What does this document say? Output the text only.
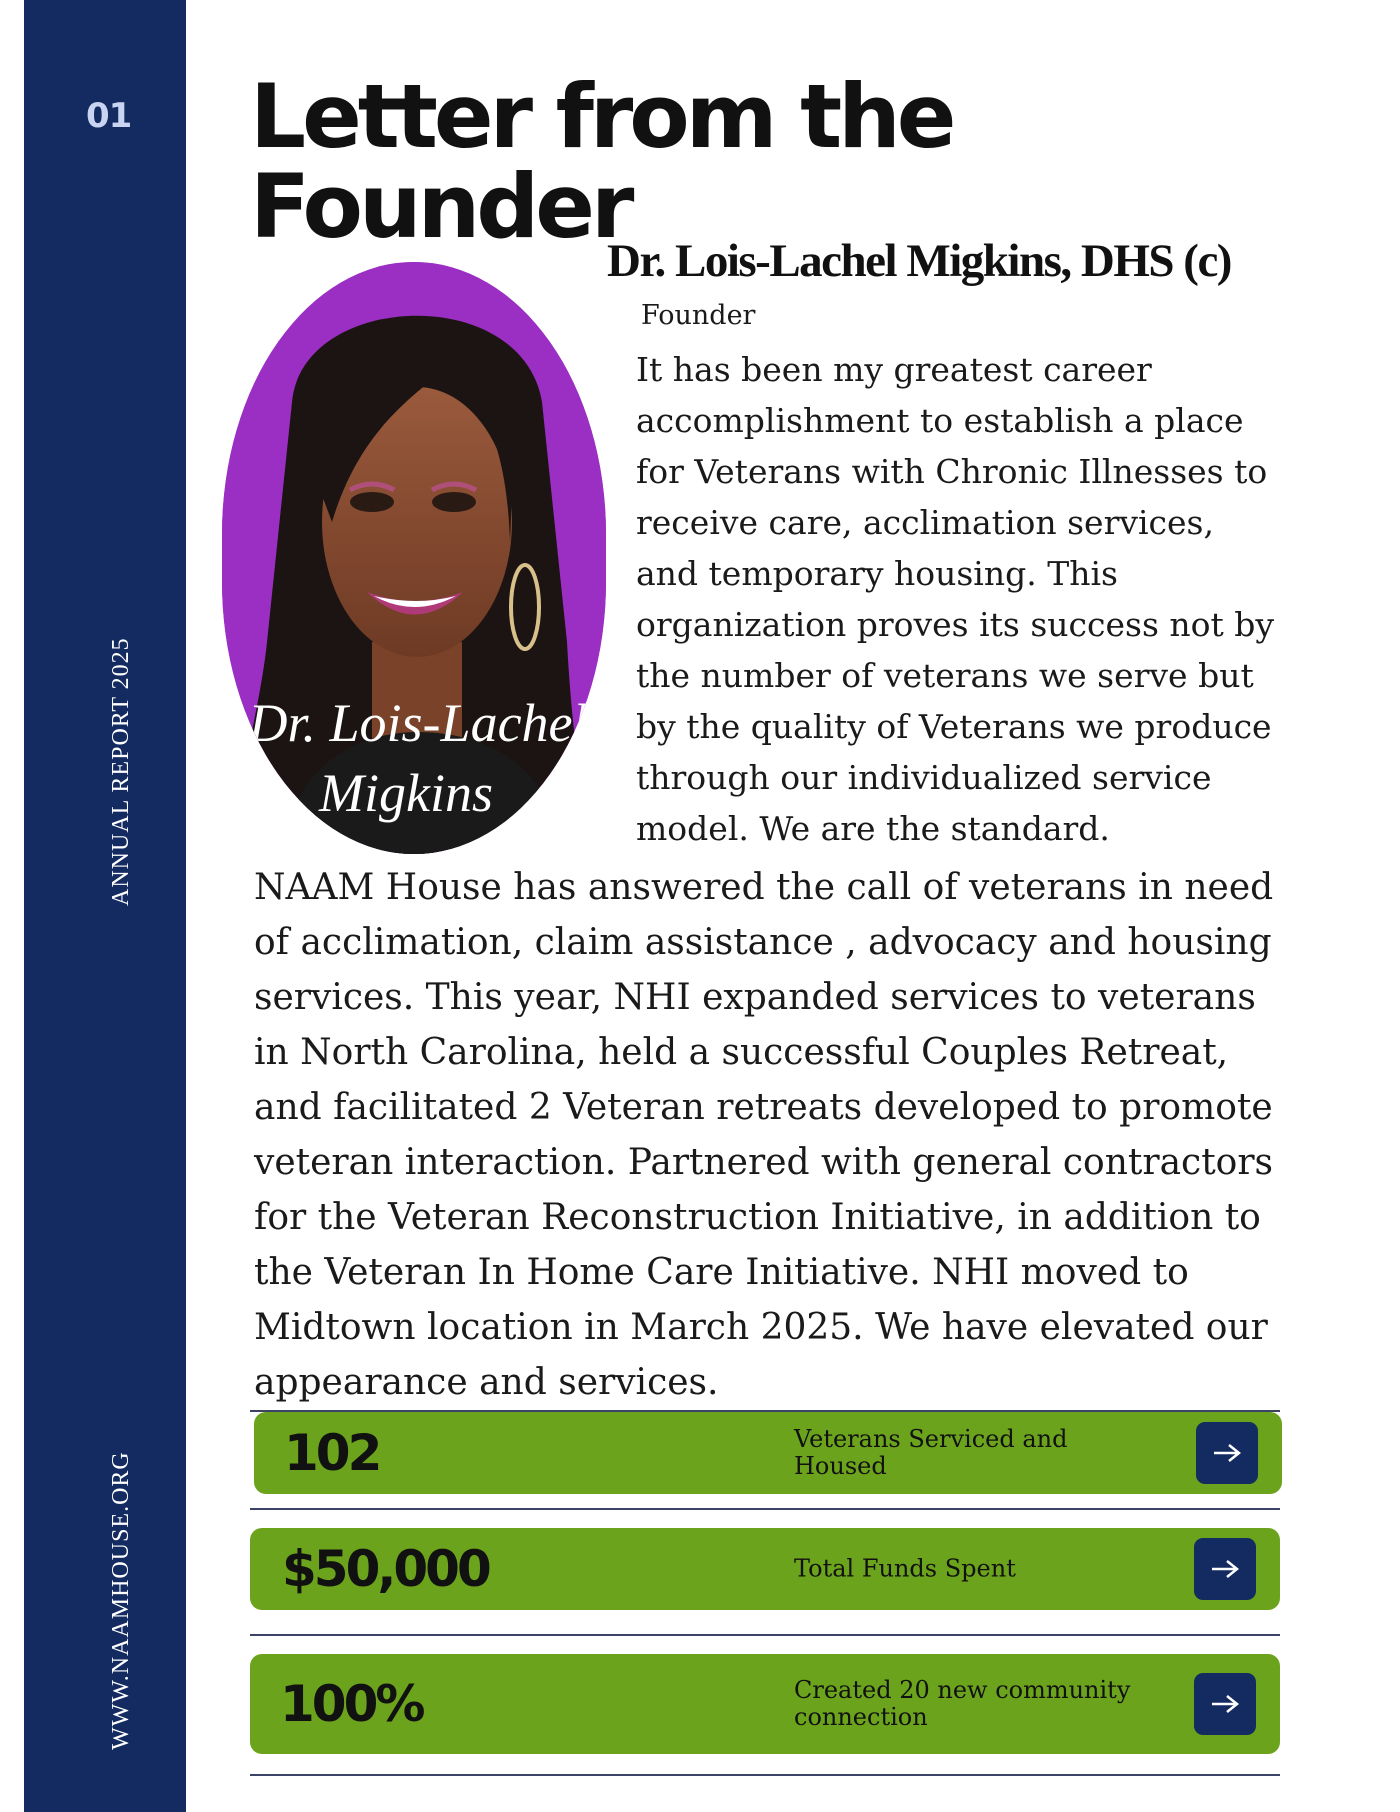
01
ANNUAL REPORT 2025
WWW.NAAMHOUSE.ORG
Letter from the
Founder
Dr. Lois-Lachel
Migkins	Photo
Dr. Lois-Lachel Migkins, DHS (c)
Founder

It has been my greatest career accomplishment to establish a place for Veterans with Chronic Illnesses to receive care, acclimation services, and temporary housing. This organization proves its success not by the number of veterans we serve but by the quality of Veterans we produce through our individualized service model. We are the standard.

NAAM House has answered the call of veterans in need of acclimation, claim assistance , advocacy and housing services. This year, NHI expanded services to veterans in North Carolina, held a successful Couples Retreat, and facilitated 2 Veteran retreats developed to promote veteran interaction. Partnered with general contractors for the Veteran Reconstruction Initiative, in addition to the Veteran In Home Care Initiative. NHI moved to Midtown location in March 2025. We have elevated our appearance and services.

102	Veterans Serviced and Housed
$50,000	Total Funds Spent
100%	Created 20 new community connection
